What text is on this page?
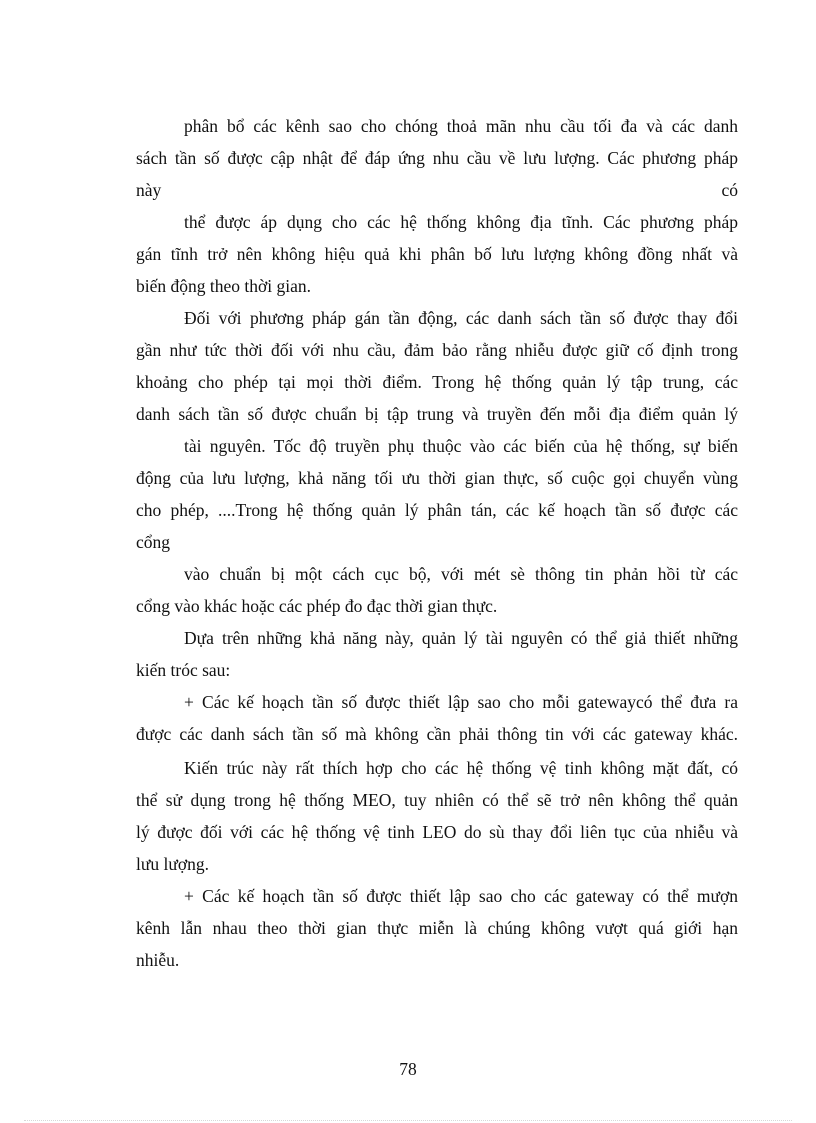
phân bổ các kênh sao cho chóng thoả mãn nhu cầu tối đa và các danh
sách tần số được cập nhật để đáp ứng nhu cầu về lưu lượng. Các phương pháp
này có
thể được áp dụng cho các hệ thống không địa tĩnh. Các phương pháp
gán tĩnh trở nên không hiệu quả khi phân bố lưu lượng không đồng nhất và
biến động theo thời gian.
Đối với phương pháp gán tần động, các danh sách tần số được thay đổi
gần như tức thời đối với nhu cầu, đảm bảo rằng nhiễu được giữ cố định trong
khoảng cho phép tại mọi thời điểm. Trong hệ thống quản lý tập trung, các
danh sách tần số được chuẩn bị tập trung và truyền đến mỗi địa điểm quản lý
tài nguyên. Tốc độ truyền phụ thuộc vào các biến của hệ thống, sự biến
động của lưu lượng, khả năng tối ưu thời gian thực, số cuộc gọi chuyển vùng
cho phép, ....Trong hệ thống quản lý phân tán, các kế hoạch tần số được các
cổng
vào chuẩn bị một cách cục bộ, với mét sè thông tin phản hồi từ các
cổng vào khác hoặc các phép đo đạc thời gian thực.
Dựa trên những khả năng này, quản lý tài nguyên có thể giả thiết những
kiến tróc sau:
+ Các kế hoạch tần số được thiết lập sao cho mỗi gatewaycó thể đưa ra
được các danh sách tần số mà không cần phải thông tin với các gateway khác.
Kiến trúc này rất thích hợp cho các hệ thống vệ tinh không mặt đất, có
thể sử dụng trong hệ thống MEO, tuy nhiên có thể sẽ trở nên không thể quản
lý được đối với các hệ thống vệ tinh LEO do sù thay đổi liên tục của nhiễu và
lưu lượng.
+ Các kế hoạch tần số được thiết lập sao cho các gateway có thể mượn
kênh lẫn nhau theo thời gian thực miễn là chúng không vượt quá giới hạn
nhiễu.
78
